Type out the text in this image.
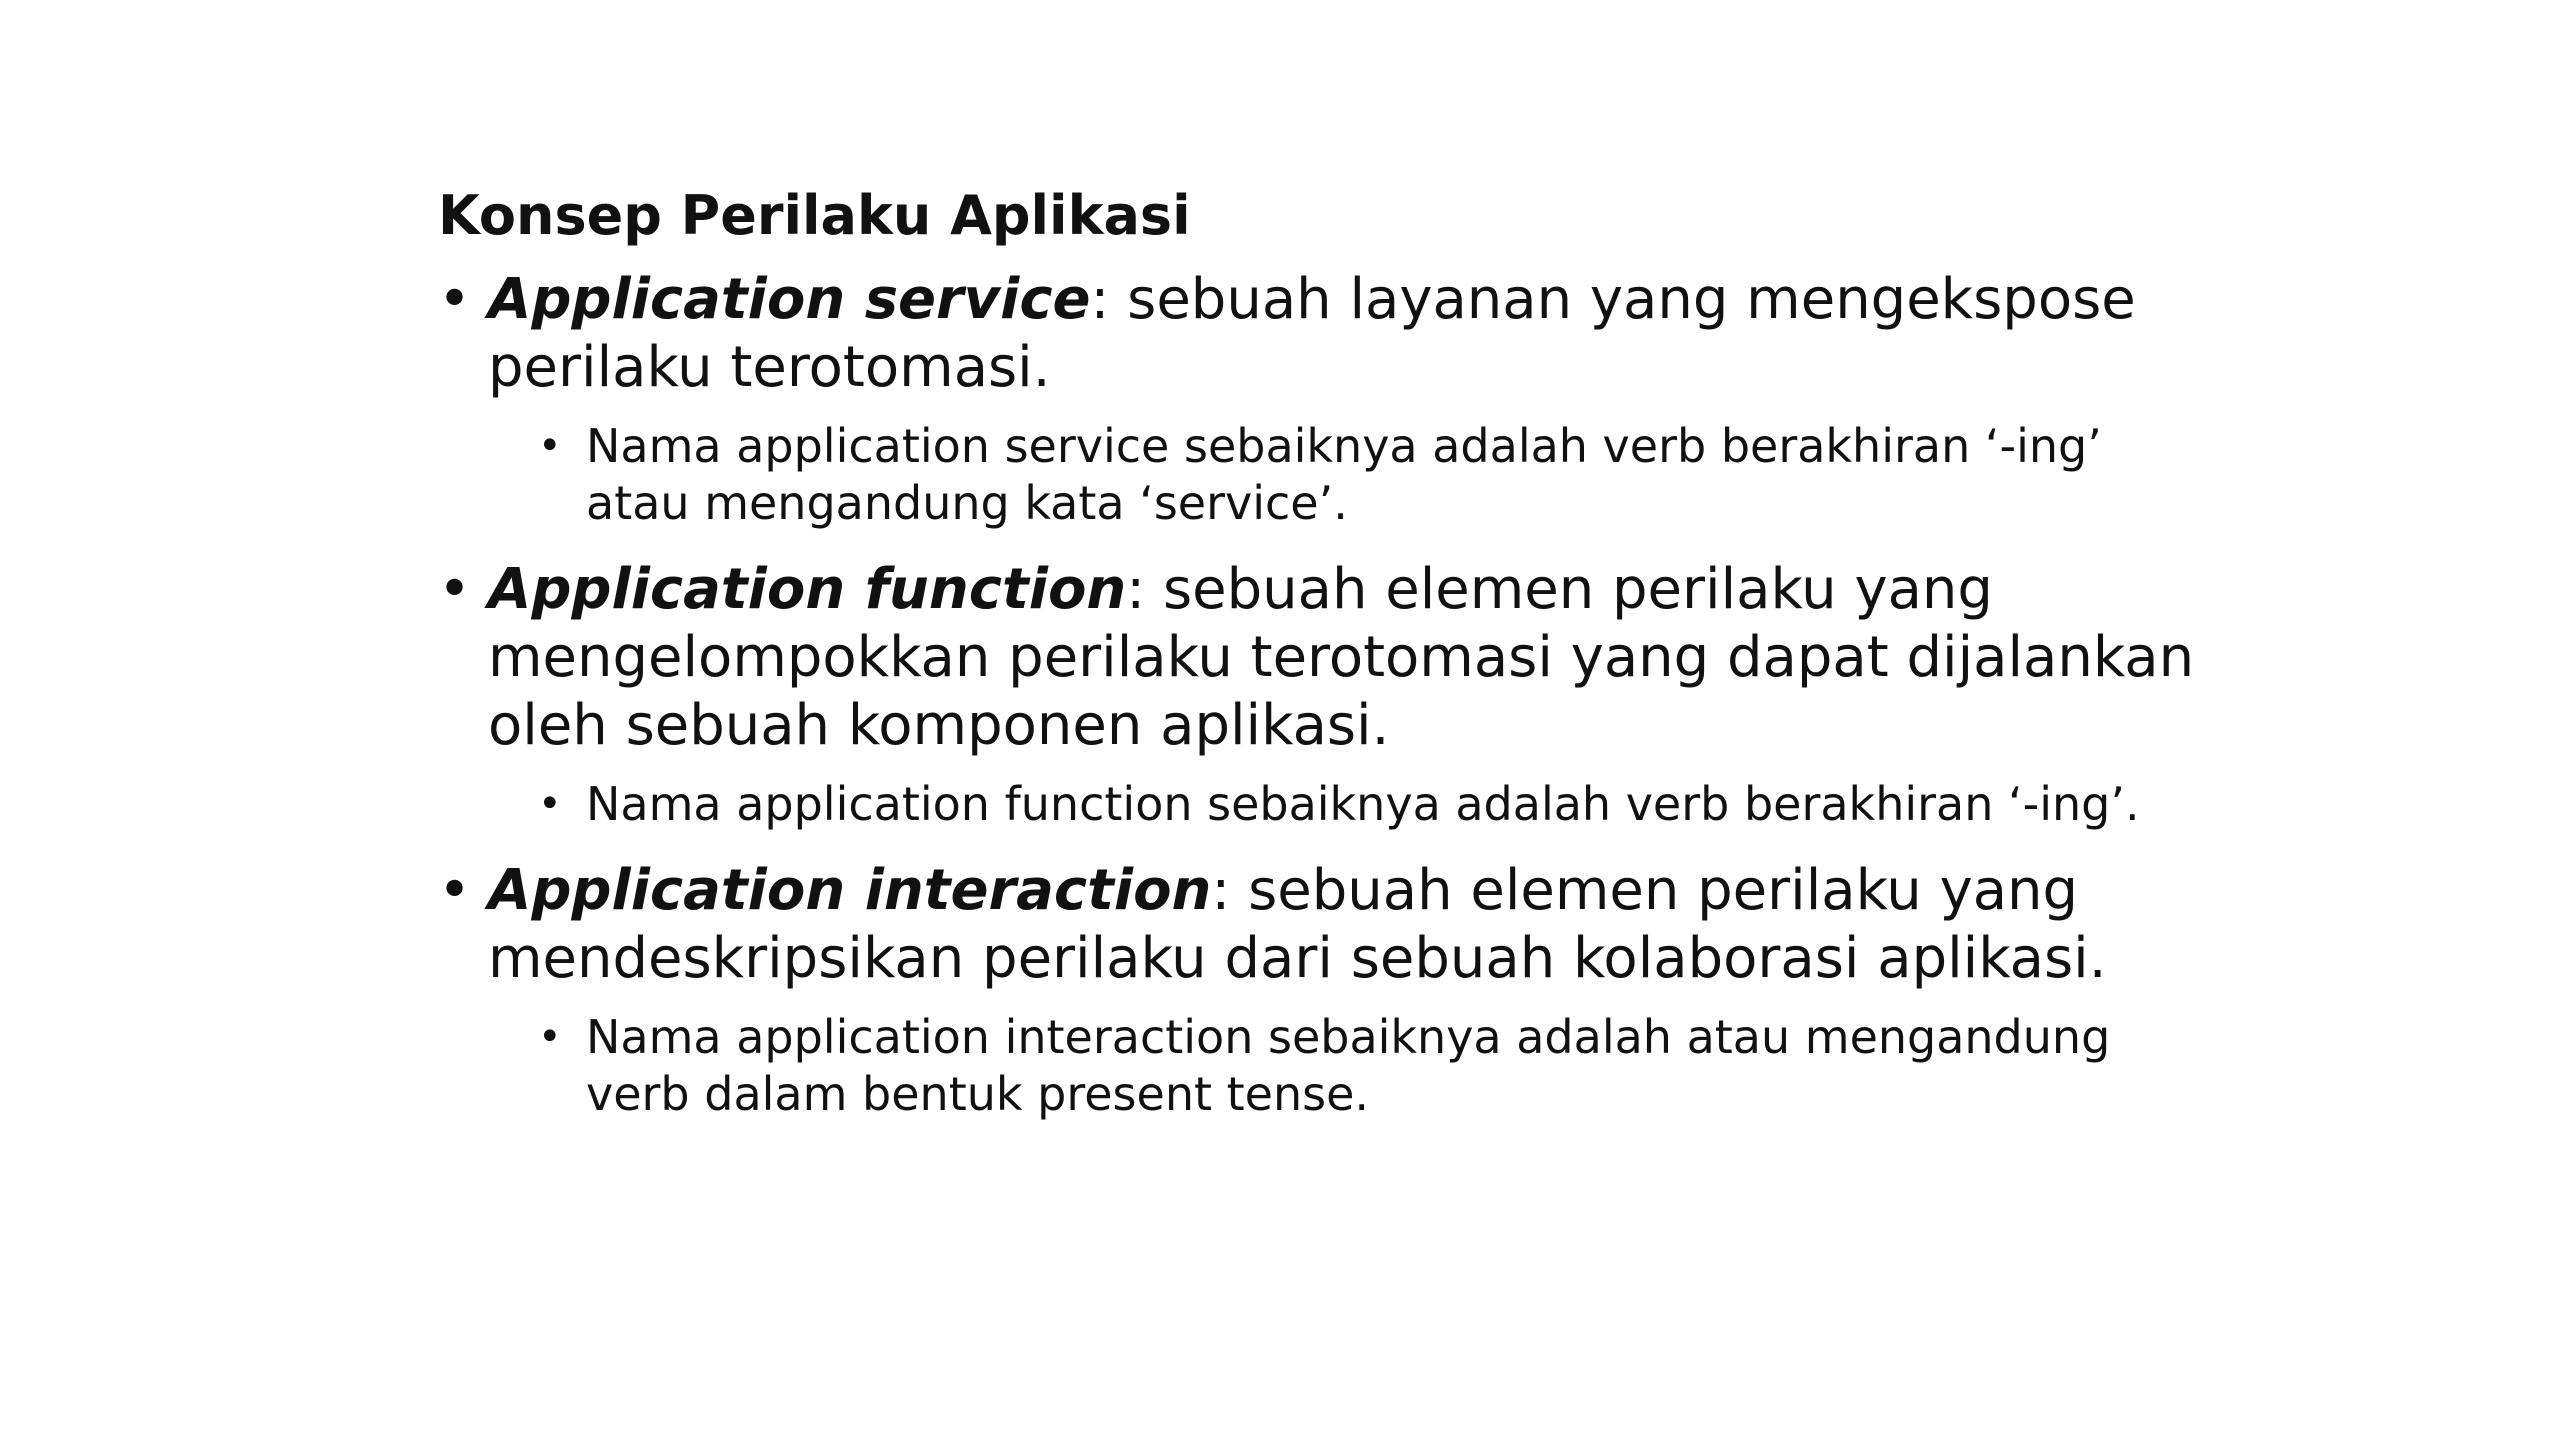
Konsep Perilaku Aplikasi
• Application service: sebuah layanan yang mengekspose perilaku terotomasi.
• Nama application service sebaiknya adalah verb berakhiran ‘-ing’ atau mengandung kata ‘service’.
• Application function: sebuah elemen perilaku yang mengelompokkan perilaku terotomasi yang dapat dijalankan oleh sebuah komponen aplikasi.
• Nama application function sebaiknya adalah verb berakhiran ‘-ing’.
• Application interaction: sebuah elemen perilaku yang mendeskripsikan perilaku dari sebuah kolaborasi aplikasi.
• Nama application interaction sebaiknya adalah atau mengandung verb dalam bentuk present tense.
